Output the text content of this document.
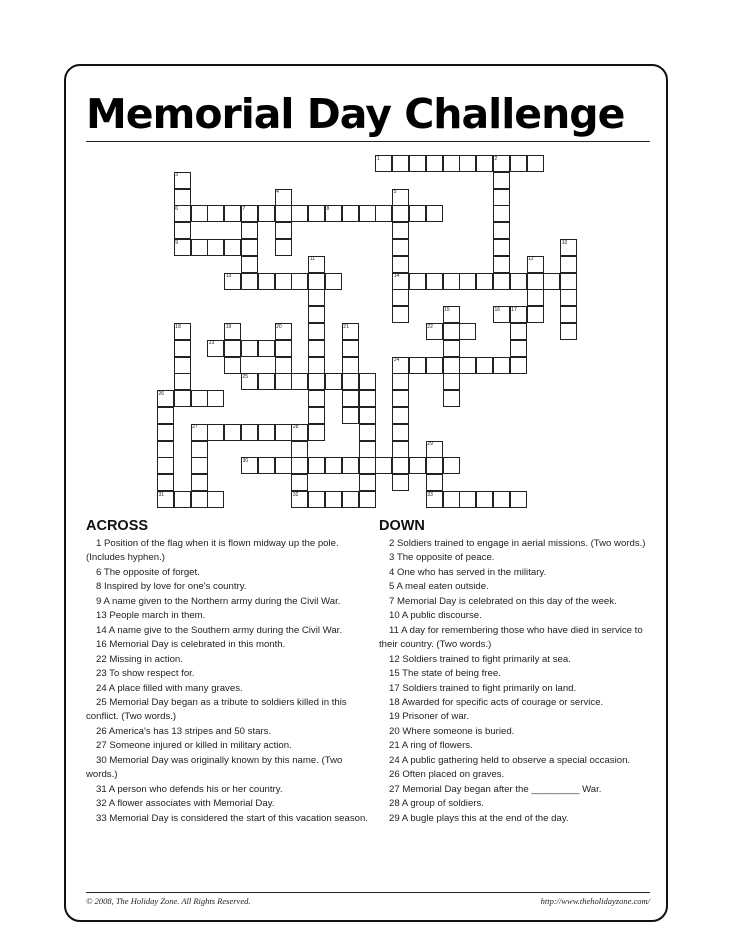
Memorial Day Challenge
1	2
3
4	5
6	7	8
9	10
11	12
13	14
15	16 17
18	19	20	21	22
23
24
25
26
27	28
29
30
31	32	33
ACROSS
1 Position of the flag when it is flown midway up the pole. (Includes hyphen.)
6 The opposite of forget.
8 Inspired by love for one's country.
9 A name given to the Northern army during the Civil War.
13 People march in them.
14 A name give to the Southern army during the Civil War.
16 Memorial Day is celebrated in this month.
22 Missing in action.
23 To show respect for.
24 A place filled with many graves.
25 Memorial Day began as a tribute to soldiers killed in this conflict. (Two words.)
26 America's has 13 stripes and 50 stars.
27 Someone injured or killed in military action.
30 Memorial Day was originally known by this name. (Two words.)
31 A person who defends his or her country.
32 A flower associates with Memorial Day.
33 Memorial Day is considered the start of this vacation season.
DOWN
2 Soldiers trained to engage in aerial missions. (Two words.)
3 The opposite of peace.
4 One who has served in the military.
5 A meal eaten outside.
7 Memorial Day is celebrated on this day of the week.
10 A public discourse.
11 A day for remembering those who have died in service to their country. (Two words.)
12 Soldiers trained to fight primarily at sea.
15 The state of being free.
17 Soldiers trained to fight primarily on land.
18 Awarded for specific acts of courage or service.
19 Prisoner of war.
20 Where someone is buried.
21 A ring of flowers.
24 A public gathering held to observe a special occasion.
26 Often placed on graves.
27 Memorial Day began after the _________ War.
28 A group of soldiers.
29 A bugle plays this at the end of the day.
© 2008, The Holiday Zone. All Rights Reserved.	http://www.theholidayzone.com/
